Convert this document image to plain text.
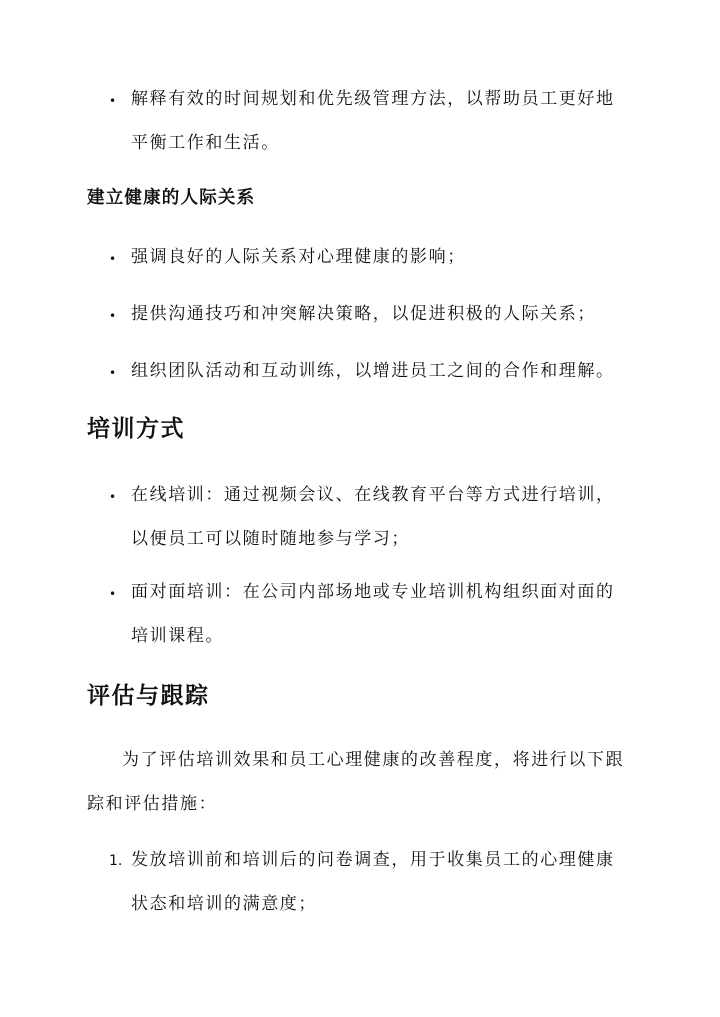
• 解释有效的时间规划和优先级管理方法，以帮助员工更好地
平衡工作和生活。
建立健康的人际关系
• 强调良好的人际关系对心理健康的影响；
• 提供沟通技巧和冲突解决策略，以促进积极的人际关系；
• 组织团队活动和互动训练，以增进员工之间的合作和理解。
培训方式
• 在线培训：通过视频会议、在线教育平台等方式进行培训，
以便员工可以随时随地参与学习；
• 面对面培训：在公司内部场地或专业培训机构组织面对面的
培训课程。
评估与跟踪
为了评估培训效果和员工心理健康的改善程度，将进行以下跟
踪和评估措施：
1. 发放培训前和培训后的问卷调查，用于收集员工的心理健康
状态和培训的满意度；
